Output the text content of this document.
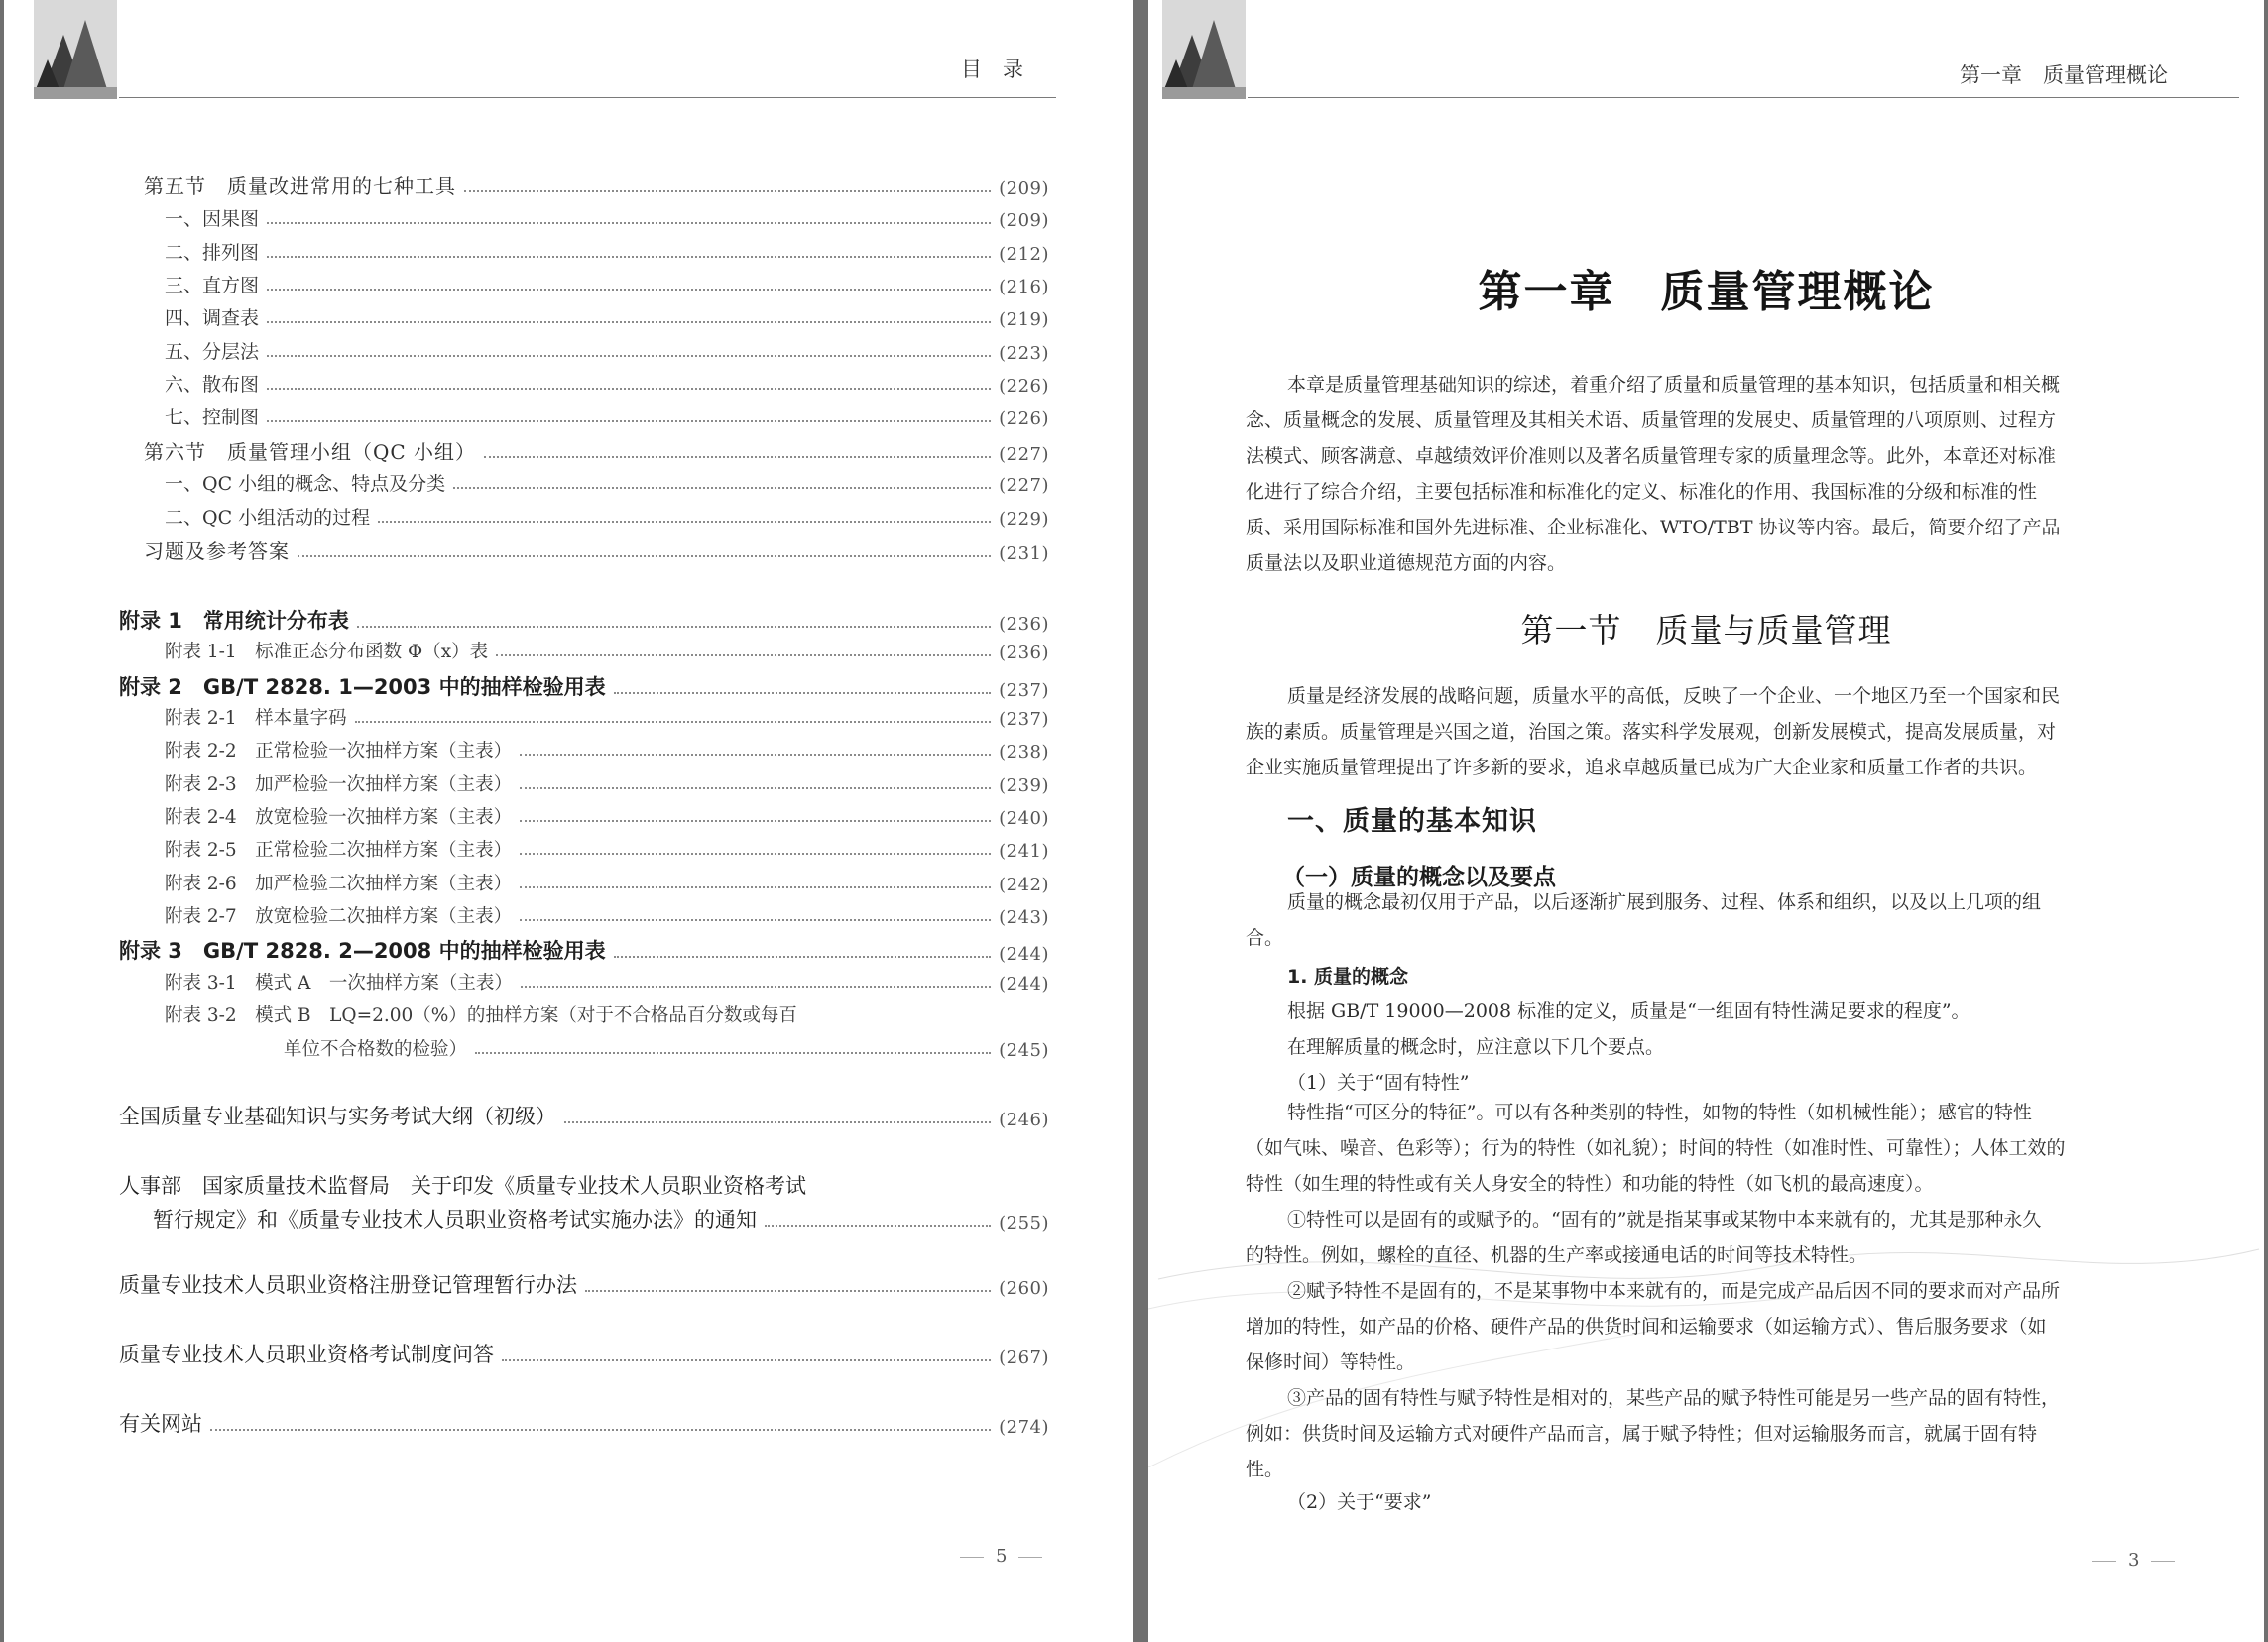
目　录
第五节　质量改进常用的七种工具	(209)
一、因果图	(209)
二、排列图	(212)
三、直方图	(216)
四、调查表	(219)
五、分层法	(223)
六、散布图	(226)
七、控制图	(226)
第六节　质量管理小组（QC 小组）	(227)
一、QC 小组的概念、特点及分类	(227)
二、QC 小组活动的过程	(229)
习题及参考答案	(231)
附录 1　常用统计分布表	(236)
附表 1-1　标准正态分布函数 Φ（x）表	(236)
附录 2　GB/T 2828. 1—2003 中的抽样检验用表	(237)
附表 2-1　样本量字码	(237)
附表 2-2　正常检验一次抽样方案（主表）	(238)
附表 2-3　加严检验一次抽样方案（主表）	(239)
附表 2-4　放宽检验一次抽样方案（主表）	(240)
附表 2-5　正常检验二次抽样方案（主表）	(241)
附表 2-6　加严检验二次抽样方案（主表）	(242)
附表 2-7　放宽检验二次抽样方案（主表）	(243)
附录 3　GB/T 2828. 2—2008 中的抽样检验用表	(244)
附表 3-1　模式 A　一次抽样方案（主表）	(244)
附表 3-2　模式 B　LQ=2.00（%）的抽样方案（对于不合格品百分数或每百
单位不合格数的检验）	(245)
全国质量专业基础知识与实务考试大纲（初级）	(246)
人事部　国家质量技术监督局　关于印发《质量专业技术人员职业资格考试
暂行规定》和《质量专业技术人员职业资格考试实施办法》的通知	(255)
质量专业技术人员职业资格注册登记管理暂行办法	(260)
质量专业技术人员职业资格考试制度问答	(267)
有关网站	(274)
5
第一章　质量管理概论
第一章　质量管理概论
本章是质量管理基础知识的综述，着重介绍了质量和质量管理的基本知识，包括质量和相关概
念、质量概念的发展、质量管理及其相关术语、质量管理的发展史、质量管理的八项原则、过程方
法模式、顾客满意、卓越绩效评价准则以及著名质量管理专家的质量理念等。此外，本章还对标准
化进行了综合介绍，主要包括标准和标准化的定义、标准化的作用、我国标准的分级和标准的性
质、采用国际标准和国外先进标准、企业标准化、WTO/TBT 协议等内容。最后，简要介绍了产品
质量法以及职业道德规范方面的内容。
第一节　质量与质量管理
质量是经济发展的战略问题，质量水平的高低，反映了一个企业、一个地区乃至一个国家和民
族的素质。质量管理是兴国之道，治国之策。落实科学发展观，创新发展模式，提高发展质量，对
企业实施质量管理提出了许多新的要求，追求卓越质量已成为广大企业家和质量工作者的共识。
一、质量的基本知识
（一）质量的概念以及要点
质量的概念最初仅用于产品，以后逐渐扩展到服务、过程、体系和组织，以及以上几项的组
合。
1. 质量的概念
根据 GB/T 19000—2008 标准的定义，质量是“一组固有特性满足要求的程度”。
在理解质量的概念时，应注意以下几个要点。
（1）关于“固有特性”
特性指“可区分的特征”。可以有各种类别的特性，如物的特性（如机械性能）；感官的特性
（如气味、噪音、色彩等）；行为的特性（如礼貌）；时间的特性（如准时性、可靠性）；人体工效的
特性（如生理的特性或有关人身安全的特性）和功能的特性（如飞机的最高速度）。
①特性可以是固有的或赋予的。“固有的”就是指某事或某物中本来就有的，尤其是那种永久
的特性。例如，螺栓的直径、机器的生产率或接通电话的时间等技术特性。
②赋予特性不是固有的，不是某事物中本来就有的，而是完成产品后因不同的要求而对产品所
增加的特性，如产品的价格、硬件产品的供货时间和运输要求（如运输方式）、售后服务要求（如
保修时间）等特性。
③产品的固有特性与赋予特性是相对的，某些产品的赋予特性可能是另一些产品的固有特性，
例如：供货时间及运输方式对硬件产品而言，属于赋予特性；但对运输服务而言，就属于固有特
性。
（2）关于“要求”
3
